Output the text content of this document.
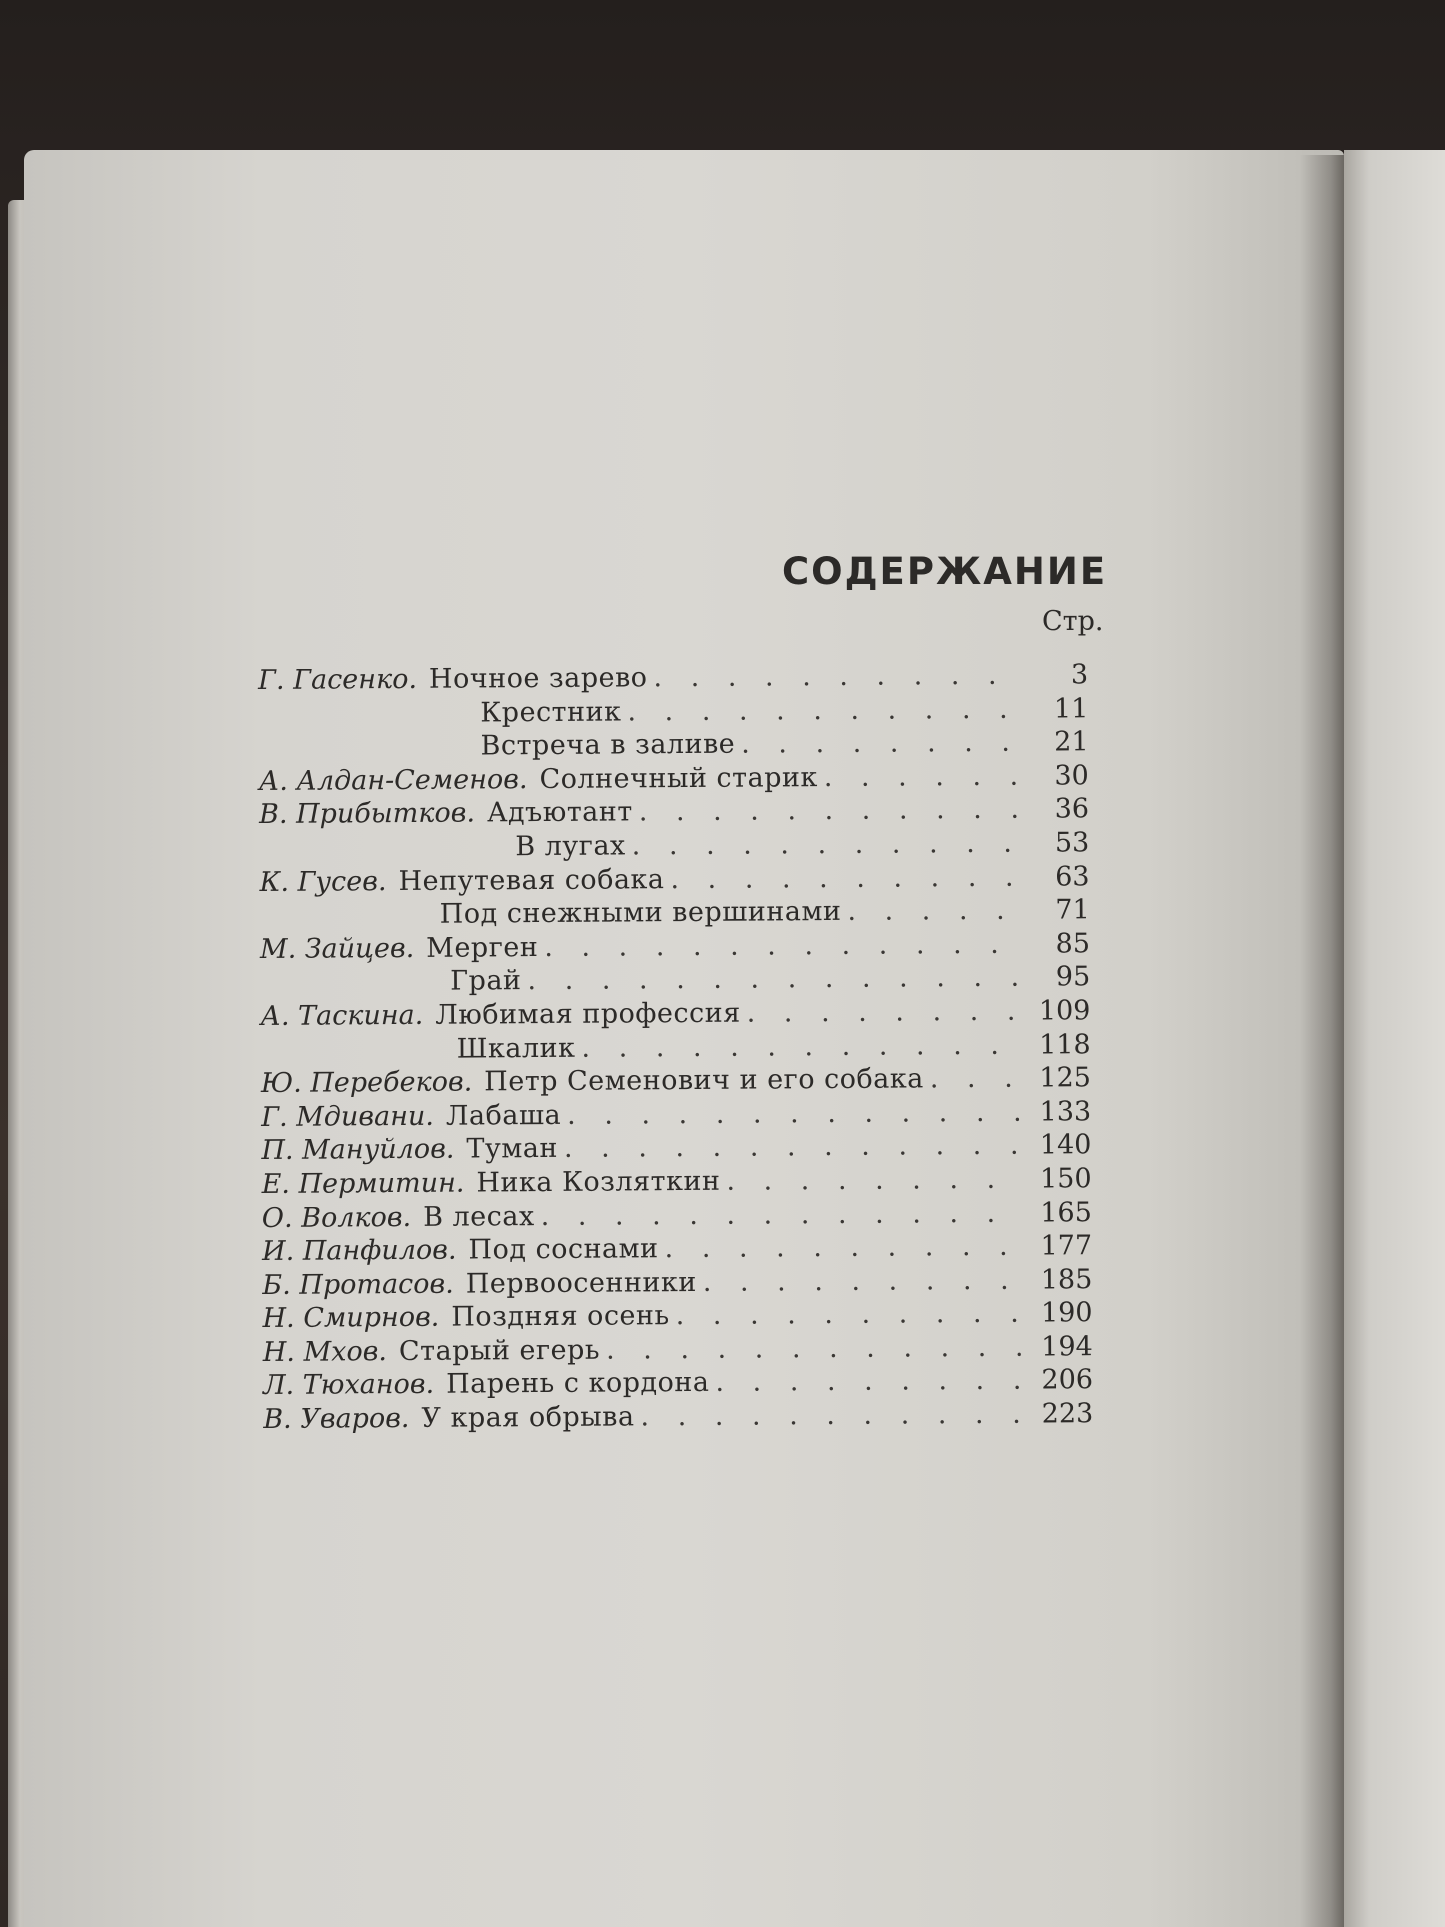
СОДЕРЖАНИЕ
Стр.
Г. Гасенко. Ночное зарево . . .	3
Крестник . . .	11
Встреча в заливе . . .	21
А. Алдан-Семенов. Солнечный старик . . .	30
В. Прибытков. Адъютант . . .	36
В лугах . . .	53
К. Гусев. Непутевая собака . . .	63
Под снежными вершинами . . .	71
М. Зайцев. Мерген . . .	85
Грай . . .	95
А. Таскина. Любимая профессия . . .	109
Шкалик . . .	118
Ю. Перебеков. Петр Семенович и его собака . . .	125
Г. Мдивани. Лабаша . . .	133
П. Мануйлов. Туман . . .	140
Е. Пермитин. Ника Козляткин . . .	150
О. Волков. В лесах . . .	165
И. Панфилов. Под соснами . . .	177
Б. Протасов. Первоосенники . . .	185
Н. Смирнов. Поздняя осень . . .	190
Н. Мхов. Старый егерь . . .	194
Л. Тюханов. Парень с кордона . . .	206
В. Уваров. У края обрыва . . .	223
